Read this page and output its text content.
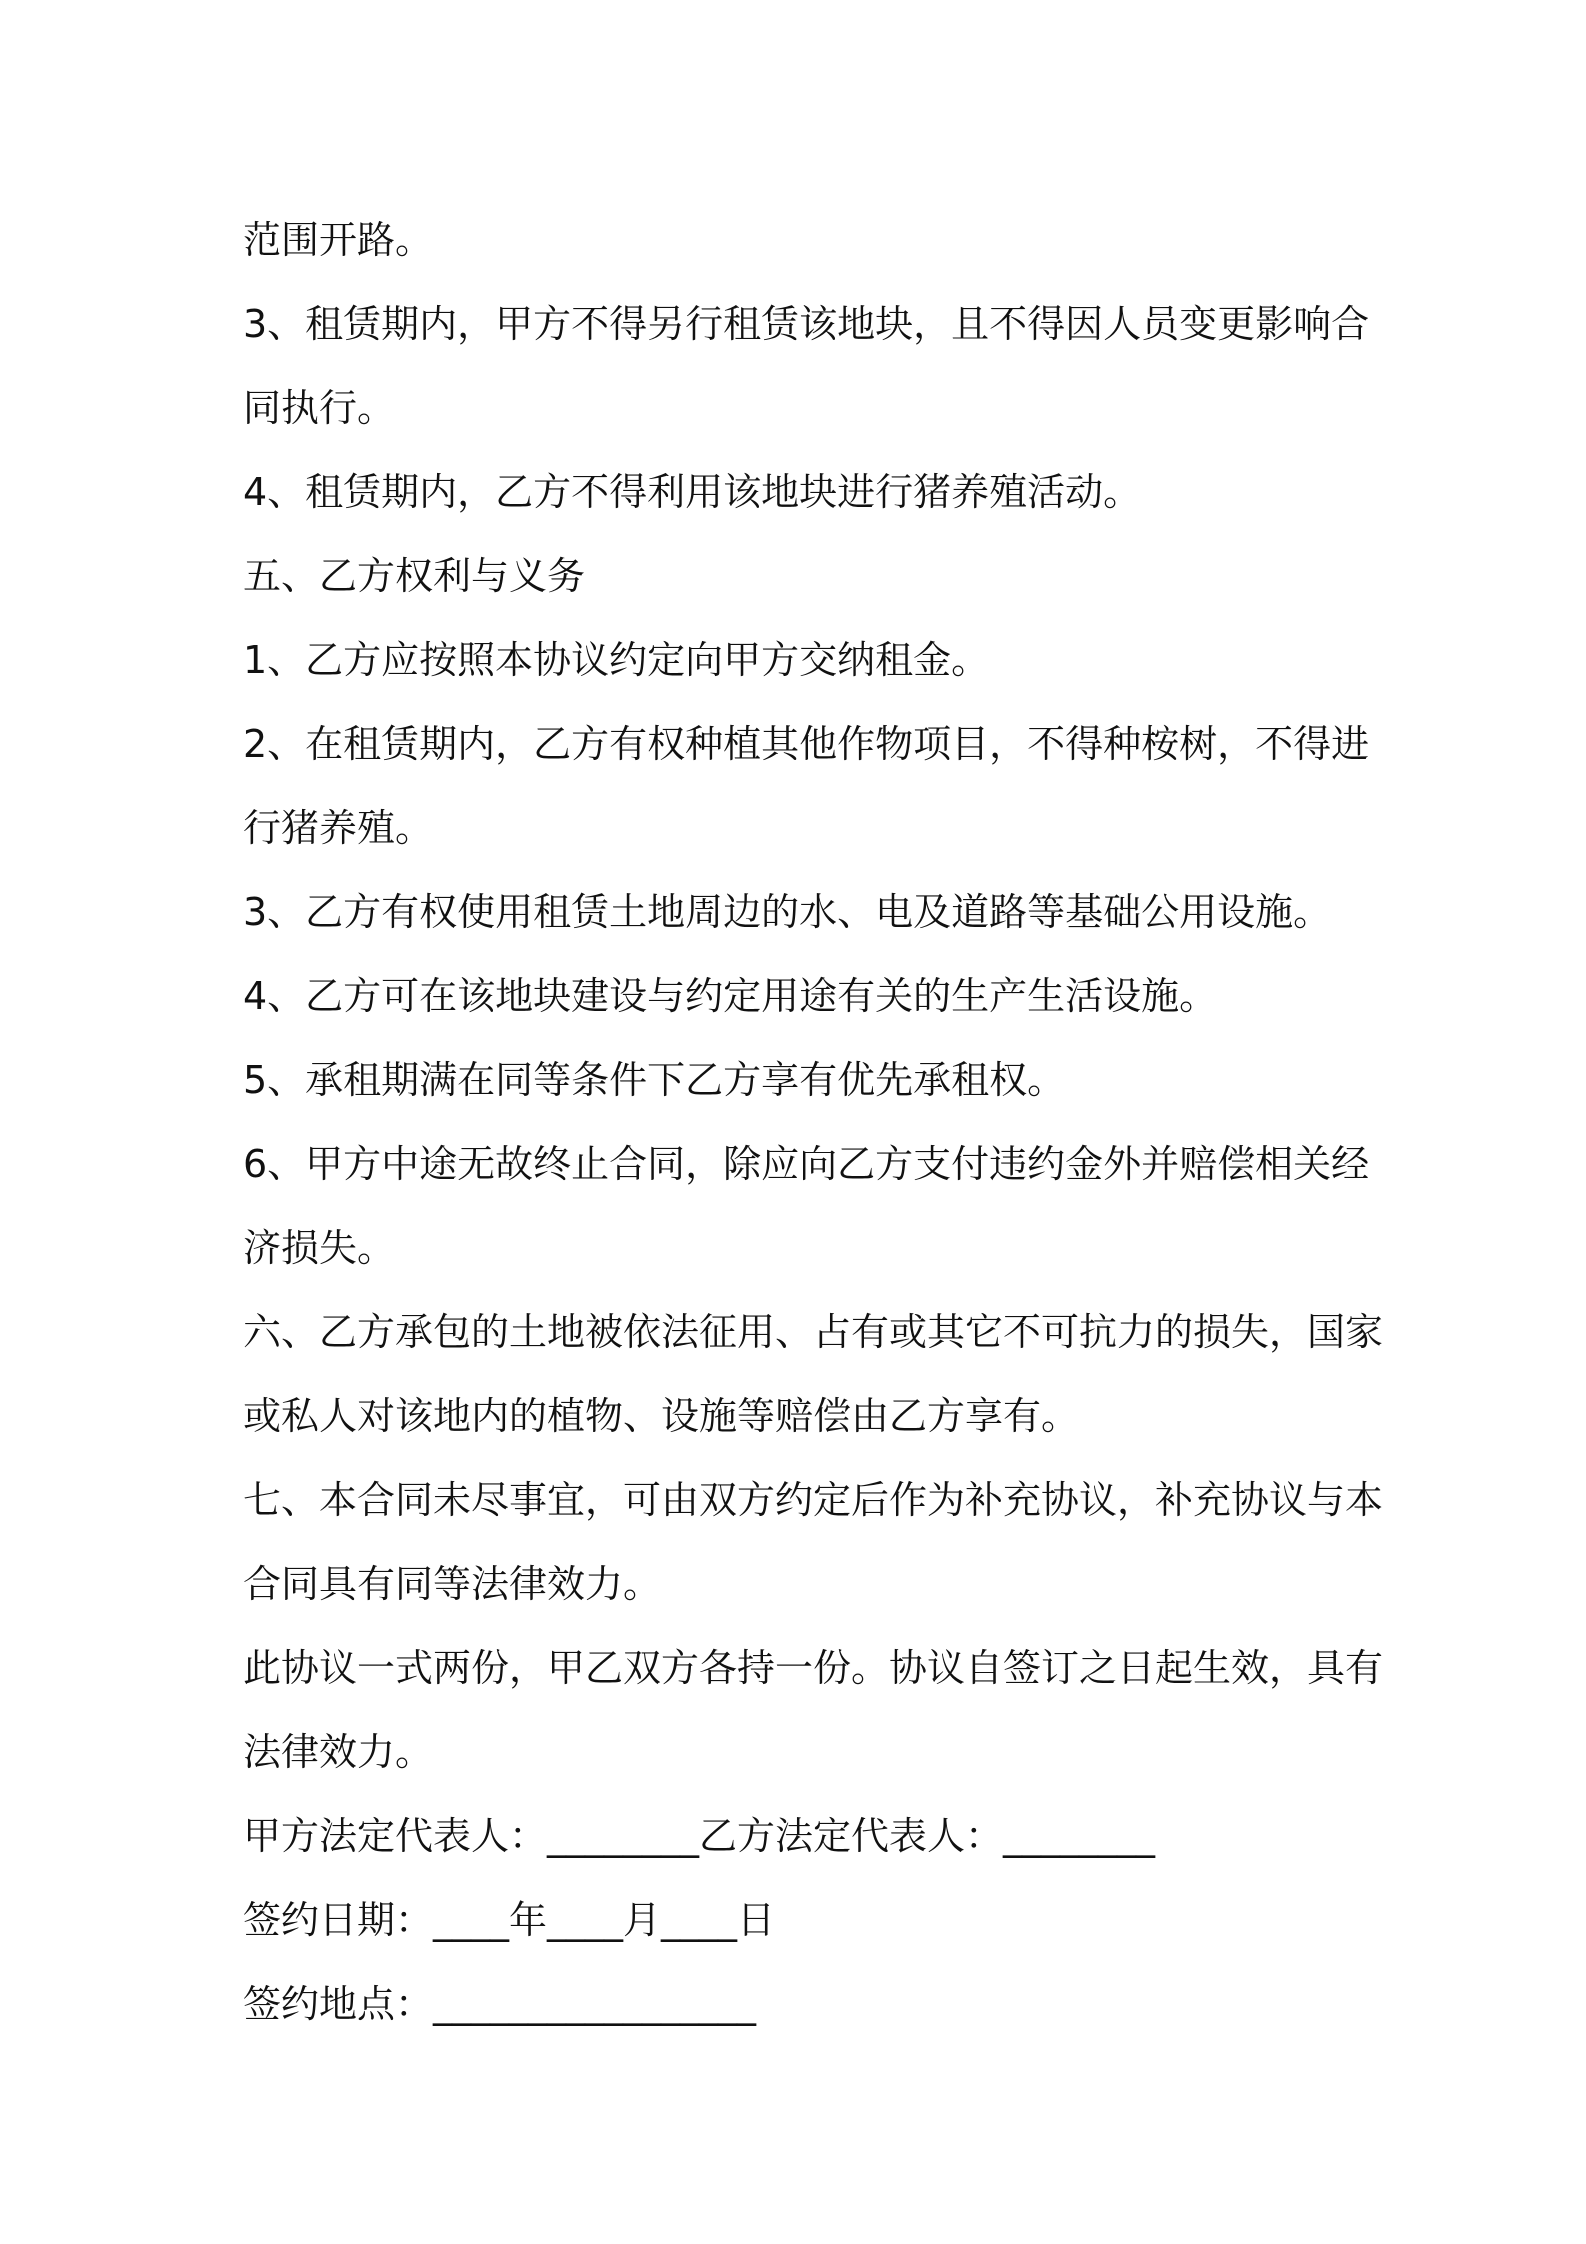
范围开路。
3、租赁期内，甲方不得另行租赁该地块，且不得因人员变更影响合
同执行。
4、租赁期内，乙方不得利用该地块进行猪养殖活动。
五、乙方权利与义务
1、乙方应按照本协议约定向甲方交纳租金。
2、在租赁期内，乙方有权种植其他作物项目，不得种桉树，不得进
行猪养殖。
3、乙方有权使用租赁土地周边的水、电及道路等基础公用设施。
4、乙方可在该地块建设与约定用途有关的生产生活设施。
5、承租期满在同等条件下乙方享有优先承租权。
6、甲方中途无故终止合同，除应向乙方支付违约金外并赔偿相关经
济损失。
六、乙方承包的土地被依法征用、占有或其它不可抗力的损失，国家
或私人对该地内的植物、设施等赔偿由乙方享有。
七、本合同未尽事宜，可由双方约定后作为补充协议，补充协议与本
合同具有同等法律效力。
此协议一式两份，甲乙双方各持一份。协议自签订之日起生效，具有
法律效力。
甲方法定代表人：________乙方法定代表人：________
签约日期：____年____月____日
签约地点：_________________
